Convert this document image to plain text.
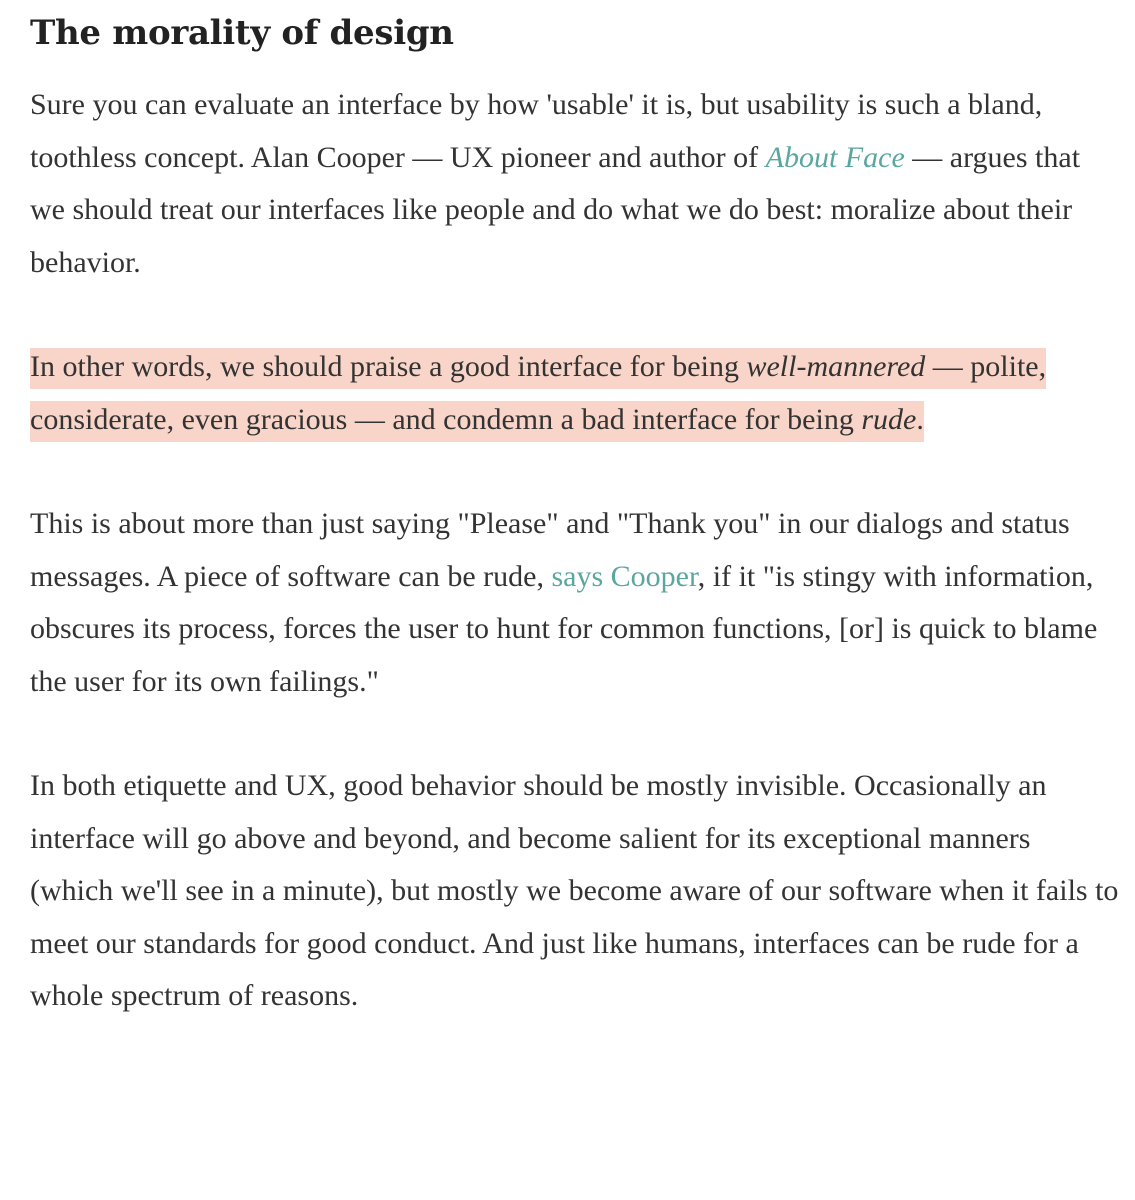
The morality of design

Sure you can evaluate an interface by how 'usable' it is, but usability is such a bland, toothless concept. Alan Cooper — UX pioneer and author of About Face — argues that we should treat our interfaces like people and do what we do best: moralize about their behavior.

In other words, we should praise a good interface for being well-mannered — polite, considerate, even gracious — and condemn a bad interface for being rude.

This is about more than just saying "Please" and "Thank you" in our dialogs and status messages. A piece of software can be rude, says Cooper, if it "is stingy with information, obscures its process, forces the user to hunt for common functions, [or] is quick to blame the user for its own failings."

In both etiquette and UX, good behavior should be mostly invisible. Occasionally an interface will go above and beyond, and become salient for its exceptional manners (which we'll see in a minute), but mostly we become aware of our software when it fails to meet our standards for good conduct. And just like humans, interfaces can be rude for a whole spectrum of reasons.
